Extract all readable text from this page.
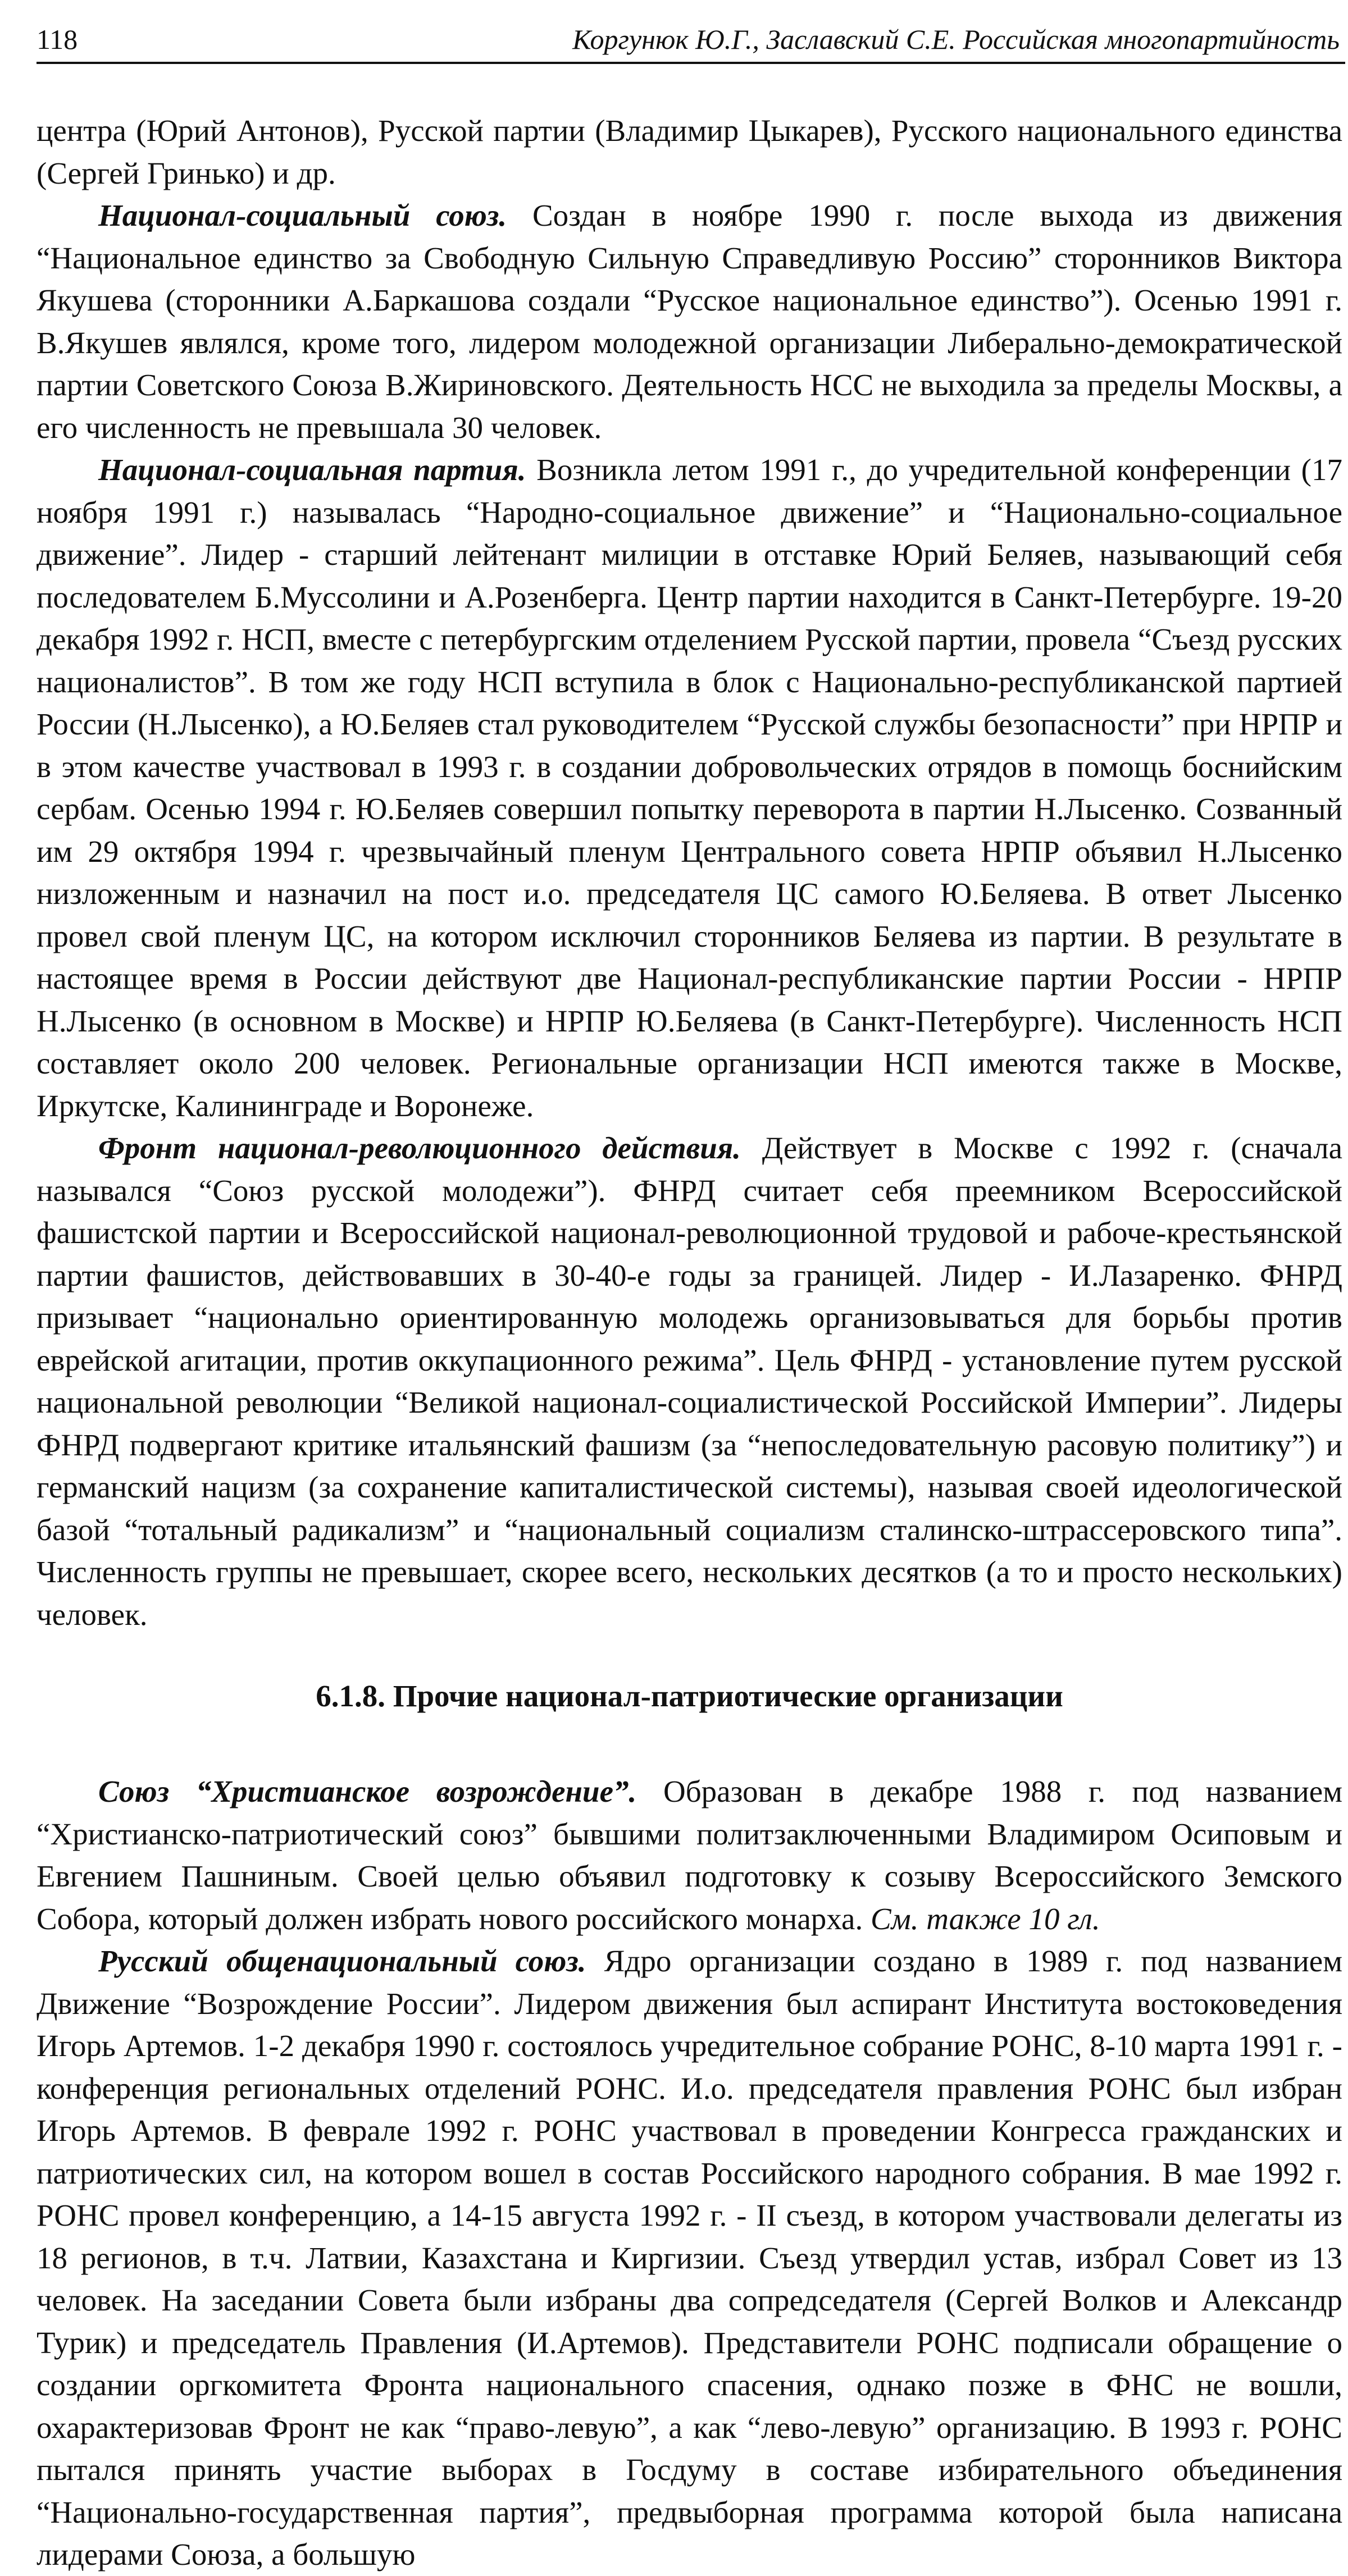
118	Коргунюк Ю.Г., Заславский С.Е. Российская многопартийность

центра (Юрий Антонов), Русской партии (Владимир Цыкарев), Русского национального единства (Сергей Гринько) и др.

Национал-социальный союз. Создан в ноябре 1990 г. после выхода из движения “Национальное единство за Свободную Сильную Справедливую Россию” сторонников Виктора Якушева (сторонники А.Баркашова создали “Русское национальное единство”). Осенью 1991 г. В.Якушев являлся, кроме того, лидером молодежной организации Либерально-демократической партии Советского Союза В.Жириновского. Деятельность НСС не выходила за пределы Москвы, а его численность не превышала 30 человек.

Национал-социальная партия. Возникла летом 1991 г., до учредительной конференции (17 ноября 1991 г.) называлась “Народно-социальное движение” и “Национально-социальное движение”. Лидер - старший лейтенант милиции в отставке Юрий Беляев, называющий себя последователем Б.Муссолини и А.Розенберга. Центр партии находится в Санкт-Петербурге. 19-20 декабря 1992 г. НСП, вместе с петербургским отделением Русской партии, провела “Съезд русских националистов”. В том же году НСП вступила в блок с Национально-республиканской партией России (Н.Лысенко), а Ю.Беляев стал руководителем “Русской службы безопасности” при НРПР и в этом качестве участвовал в 1993 г. в создании добровольческих отрядов в помощь боснийским сербам. Осенью 1994 г. Ю.Беляев совершил попытку переворота в партии Н.Лысенко. Созванный им 29 октября 1994 г. чрезвычайный пленум Центрального совета НРПР объявил Н.Лысенко низложенным и назначил на пост и.о. председателя ЦС самого Ю.Беляева. В ответ Лысенко провел свой пленум ЦС, на котором исключил сторонников Беляева из партии. В результате в настоящее время в России действуют две Национал-республиканские партии России - НРПР Н.Лысенко (в основном в Москве) и НРПР Ю.Беляева (в Санкт-Петербурге). Численность НСП составляет около 200 человек. Региональные организации НСП имеются также в Москве, Иркутске, Калининграде и Воронеже.

Фронт национал-революционного действия. Действует в Москве с 1992 г. (сначала назывался “Союз русской молодежи”). ФНРД считает себя преемником Всероссийской фашистской партии и Всероссийской национал-революционной трудовой и рабоче-крестьянской партии фашистов, действовавших в 30-40-е годы за границей. Лидер - И.Лазаренко. ФНРД призывает “национально ориентированную молодежь организовываться для борьбы против еврейской агитации, против оккупационного режима”. Цель ФНРД - установление путем русской национальной революции “Великой национал-социалистической Российской Империи”. Лидеры ФНРД подвергают критике итальянский фашизм (за “непоследовательную расовую политику”) и германский нацизм (за сохранение капиталистической системы), называя своей идеологической базой “тотальный радикализм” и “национальный социализм сталинско-штрассеровского типа”. Численность группы не превышает, скорее всего, нескольких десятков (а то и просто нескольких) человек.

6.1.8. Прочие национал-патриотические организации

Союз “Христианское возрождение”. Образован в декабре 1988 г. под названием “Христианско-патриотический союз” бывшими политзаключенными Владимиром Осиповым и Евгением Пашниным. Своей целью объявил подготовку к созыву Всероссийского Земского Собора, который должен избрать нового российского монарха. См. также 10 гл.

Русский общенациональный союз. Ядро организации создано в 1989 г. под названием Движение “Возрождение России”. Лидером движения был аспирант Института востоковедения Игорь Артемов. 1-2 декабря 1990 г. состоялось учредительное собрание РОНС, 8-10 марта 1991 г. - конференция региональных отделений РОНС. И.о. председателя правления РОНС был избран Игорь Артемов. В феврале 1992 г. РОНС участвовал в проведении Конгресса гражданских и патриотических сил, на котором вошел в состав Российского народного собрания. В мае 1992 г. РОНС провел конференцию, а 14-15 августа 1992 г. - II съезд, в котором участвовали делегаты из 18 регионов, в т.ч. Латвии, Казахстана и Киргизии. Съезд утвердил устав, избрал Совет из 13 человек. На заседании Совета были избраны два сопредседателя (Сергей Волков и Александр Турик) и председатель Правления (И.Артемов). Представители РОНС подписали обращение о создании оргкомитета Фронта национального спасения, однако позже в ФНС не вошли, охарактеризовав Фронт не как “право-левую”, а как “лево-левую” организацию. В 1993 г. РОНС пытался принять участие выборах в Госдуму в составе избирательного объединения “Национально-государственная партия”, предвыборная программа которой была написана лидерами Союза, а большую
